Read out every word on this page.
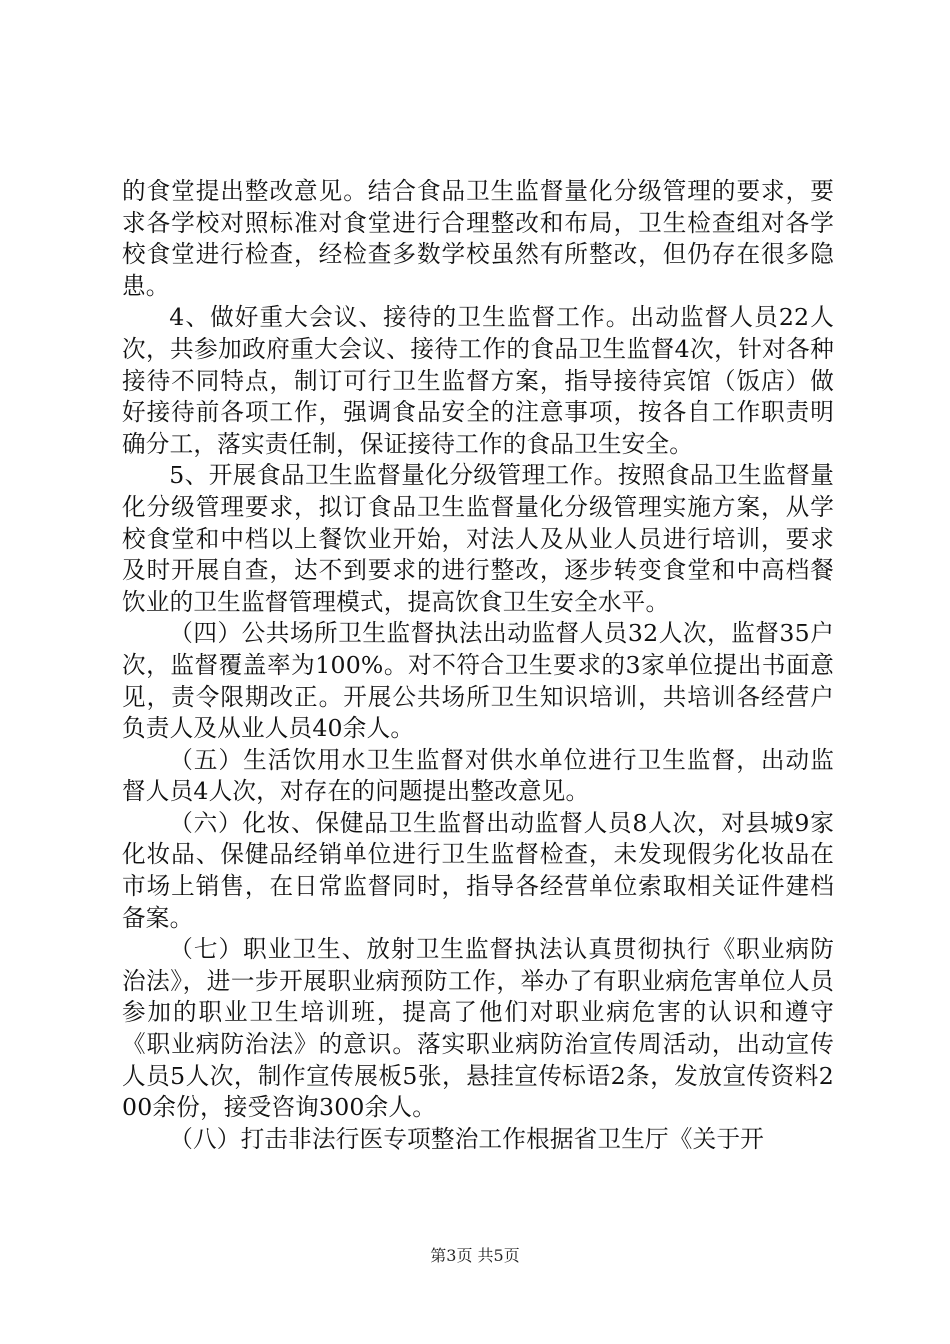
的食堂提出整改意见。结合食品卫生监督量化分级管理的要求，要求各学校对照标准对食堂进行合理整改和布局，卫生检查组对各学校食堂进行检查，经检查多数学校虽然有所整改，但仍存在很多隐患。

4、做好重大会议、接待的卫生监督工作。出动监督人员22人次，共参加政府重大会议、接待工作的食品卫生监督4次，针对各种接待不同特点，制订可行卫生监督方案，指导接待宾馆（饭店）做好接待前各项工作，强调食品安全的注意事项，按各自工作职责明确分工，落实责任制，保证接待工作的食品卫生安全。

5、开展食品卫生监督量化分级管理工作。按照食品卫生监督量化分级管理要求，拟订食品卫生监督量化分级管理实施方案，从学校食堂和中档以上餐饮业开始，对法人及从业人员进行培训，要求及时开展自查，达不到要求的进行整改，逐步转变食堂和中高档餐饮业的卫生监督管理模式，提高饮食卫生安全水平。

（四）公共场所卫生监督执法出动监督人员32人次，监督35户次，监督覆盖率为100%。对不符合卫生要求的3家单位提出书面意见，责令限期改正。开展公共场所卫生知识培训，共培训各经营户负责人及从业人员40余人。

（五）生活饮用水卫生监督对供水单位进行卫生监督，出动监督人员4人次，对存在的问题提出整改意见。

（六）化妆、保健品卫生监督出动监督人员8人次，对县城9家化妆品、保健品经销单位进行卫生监督检查，未发现假劣化妆品在市场上销售，在日常监督同时，指导各经营单位索取相关证件建档备案。

（七）职业卫生、放射卫生监督执法认真贯彻执行《职业病防治法》，进一步开展职业病预防工作，举办了有职业病危害单位人员参加的职业卫生培训班，提高了他们对职业病危害的认识和遵守《职业病防治法》的意识。落实职业病防治宣传周活动，出动宣传人员5人次，制作宣传展板5张，悬挂宣传标语2条，发放宣传资料200余份，接受咨询300余人。

（八）打击非法行医专项整治工作根据省卫生厅《关于开

第3页 共5页
